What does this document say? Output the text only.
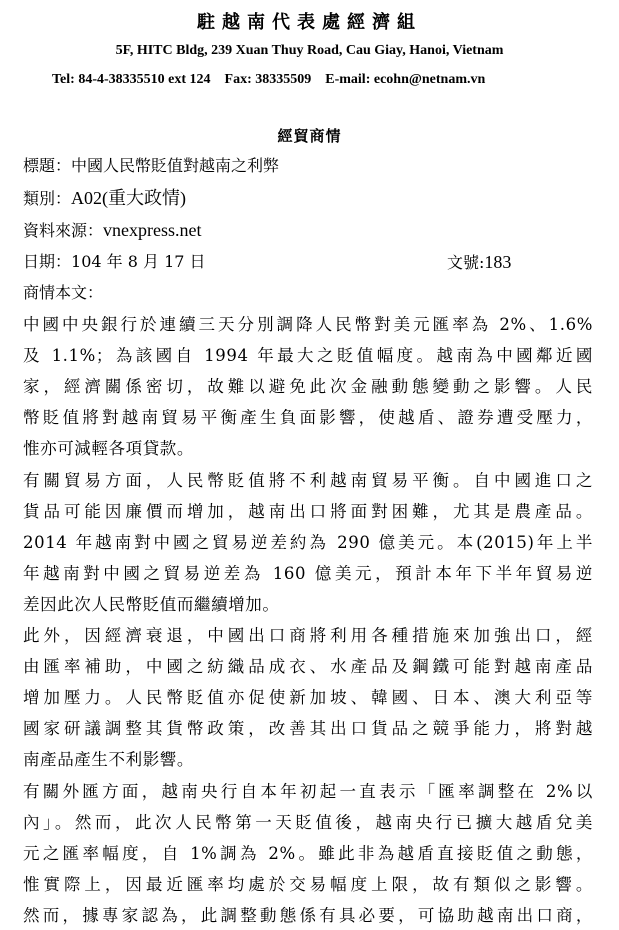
駐越南代表處經濟組
5F, HITC Bldg, 239 Xuan Thuy Road, Cau Giay, Hanoi, Vietnam
Tel: 84-4-38335510 ext 124 Fax: 38335509 E-mail: ecohn@netnam.vn
經貿商情
標題：中國人民幣貶值對越南之利弊
類別：A02(重大政情)
資料來源：vnexpress.net
日期：104 年 8 月 17 日	文號:183
商情本文：
中國中央銀行於連續三天分別調降人民幣對美元匯率為 2%、1.6%
及 1.1%；為該國自 1994 年最大之貶值幅度。越南為中國鄰近國
家，經濟關係密切，故難以避免此次金融動態變動之影響。人民
幣貶值將對越南貿易平衡產生負面影響，使越盾、證券遭受壓力，
惟亦可減輕各項貸款。
有關貿易方面，人民幣貶值將不利越南貿易平衡。自中國進口之
貨品可能因廉價而增加，越南出口將面對困難，尤其是農產品。
2014 年越南對中國之貿易逆差約為 290 億美元。本(2015)年上半
年越南對中國之貿易逆差為 160 億美元，預計本年下半年貿易逆
差因此次人民幣貶值而繼續增加。
此外，因經濟衰退，中國出口商將利用各種措施來加強出口，經
由匯率補助，中國之紡織品成衣、水產品及鋼鐵可能對越南產品
增加壓力。人民幣貶值亦促使新加坡、韓國、日本、澳大利亞等
國家研議調整其貨幣政策，改善其出口貨品之競爭能力，將對越
南產品產生不利影響。
有關外匯方面，越南央行自本年初起一直表示「匯率調整在 2%以
內」。然而，此次人民幣第一天貶值後，越南央行已擴大越盾兌美
元之匯率幅度，自 1%調為 2%。雖此非為越盾直接貶值之動態，
惟實際上，因最近匯率均處於交易幅度上限，故有類似之影響。
然而，據專家認為，此調整動態係有具必要，可協助越南出口商，
